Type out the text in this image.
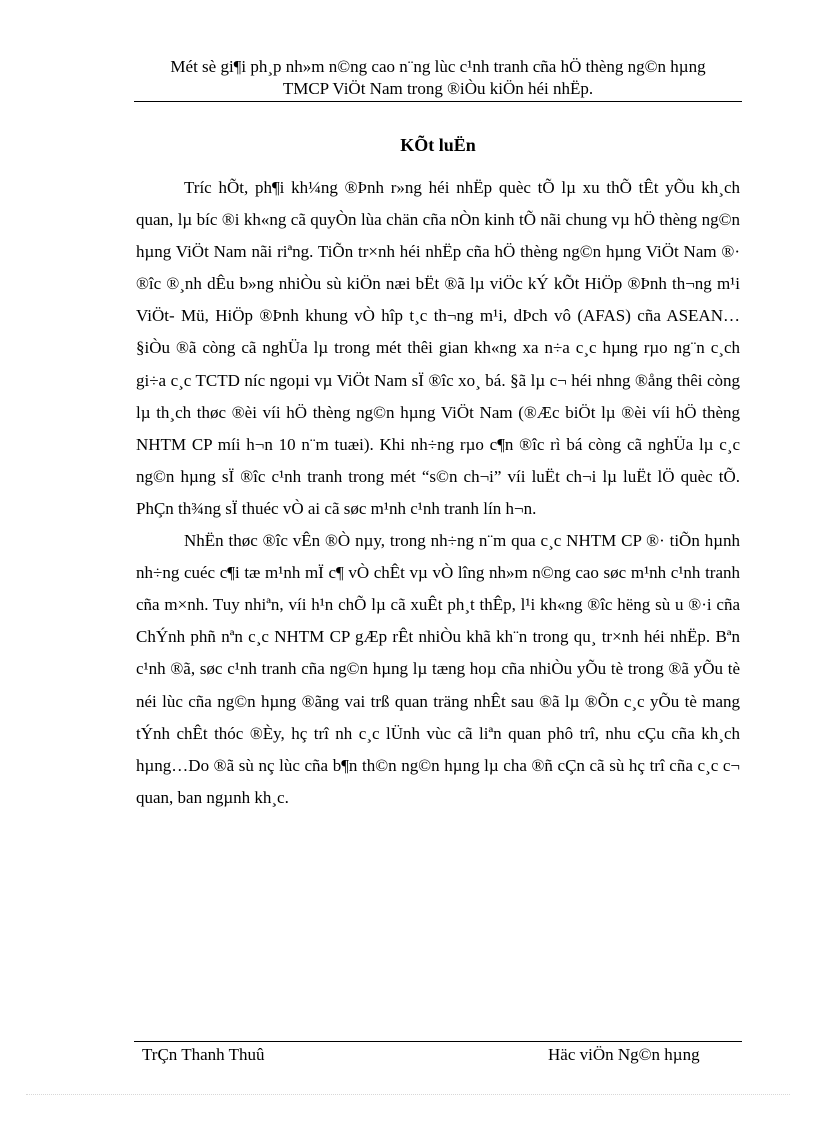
Mét sè gi¶i ph¸p nh»m n©ng cao n¨ng lùc c¹nh tranh cña hÖ thèng ng©n hµng
TMCP ViÖt Nam trong ®iÒu kiÖn héi nhËp.
KÕt luËn

Tríc hÕt, ph¶i kh¼ng ®Þnh r»ng héi nhËp quèc tÕ lµ xu thÕ tÊt yÕu kh¸ch quan, lµ bíc ®i kh«ng cã quyÒn lùa chän cña nÒn kinh tÕ nãi chung vµ hÖ thèng ng©n hµng ViÖt Nam nãi riªng. TiÕn tr×nh héi nhËp cña hÖ thèng ng©n hµng ViÖt Nam ®· ®îc ®¸nh dÊu b»ng nhiÒu sù kiÖn næi bËt ®ã lµ viÖc kÝ kÕt HiÖp ®Þnh th¬ng m¹i ViÖt- Mü, HiÖp ®Þnh khung vÒ hîp t¸c th¬ng m¹i, dÞch vô (AFAS) cña ASEAN…§iÒu ®ã còng cã nghÜa lµ trong mét thêi gian kh«ng xa n÷a c¸c hµng rµo ng¨n c¸ch gi÷a c¸c TCTD níc ngoµi vµ ViÖt Nam sÏ ®îc xo¸ bá. §ã lµ c¬ héi nhng ®ång thêi còng lµ th¸ch thøc ®èi víi hÖ thèng ng©n hµng ViÖt Nam (®Æc biÖt lµ ®èi víi hÖ thèng NHTM CP míi h¬n 10 n¨m tuæi). Khi nh÷ng rµo c¶n ®îc rì bá còng cã nghÜa lµ c¸c ng©n hµng sÏ ®îc c¹nh tranh trong mét “s©n ch¬i” víi luËt ch¬i lµ luËt lÖ quèc tÕ. PhÇn th¾ng sÏ thuéc vÒ ai cã søc m¹nh c¹nh tranh lín h¬n.

NhËn thøc ®îc vÊn ®Ò nµy, trong nh÷ng n¨m qua c¸c NHTM CP ®· tiÕn hµnh nh÷ng cuéc c¶i tæ m¹nh mÏ c¶ vÒ chÊt vµ vÒ lîng nh»m n©ng cao søc m¹nh c¹nh tranh cña m×nh. Tuy nhiªn, víi h¹n chÕ lµ cã xuÊt ph¸t thÊp, l¹i kh«ng ®îc hëng sù u ®·i cña ChÝnh phñ nªn c¸c NHTM CP gÆp rÊt nhiÒu khã kh¨n trong qu¸ tr×nh héi nhËp. Bªn c¹nh ®ã, søc c¹nh tranh cña ng©n hµng lµ tæng hoµ cña nhiÒu yÕu tè trong ®ã yÕu tè néi lùc cña ng©n hµng ®ãng vai trß quan träng nhÊt sau ®ã lµ ®Õn c¸c yÕu tè mang tÝnh chÊt thóc ®Èy, hç trî nh c¸c lÜnh vùc cã liªn quan phô trî, nhu cÇu cña kh¸ch hµng…Do ®ã sù nç lùc cña b¶n th©n ng©n hµng lµ cha ®ñ cÇn cã sù hç trî cña c¸c c¬ quan, ban ngµnh kh¸c.

TrÇn Thanh Thuû	Häc viÖn Ng©n hµng
